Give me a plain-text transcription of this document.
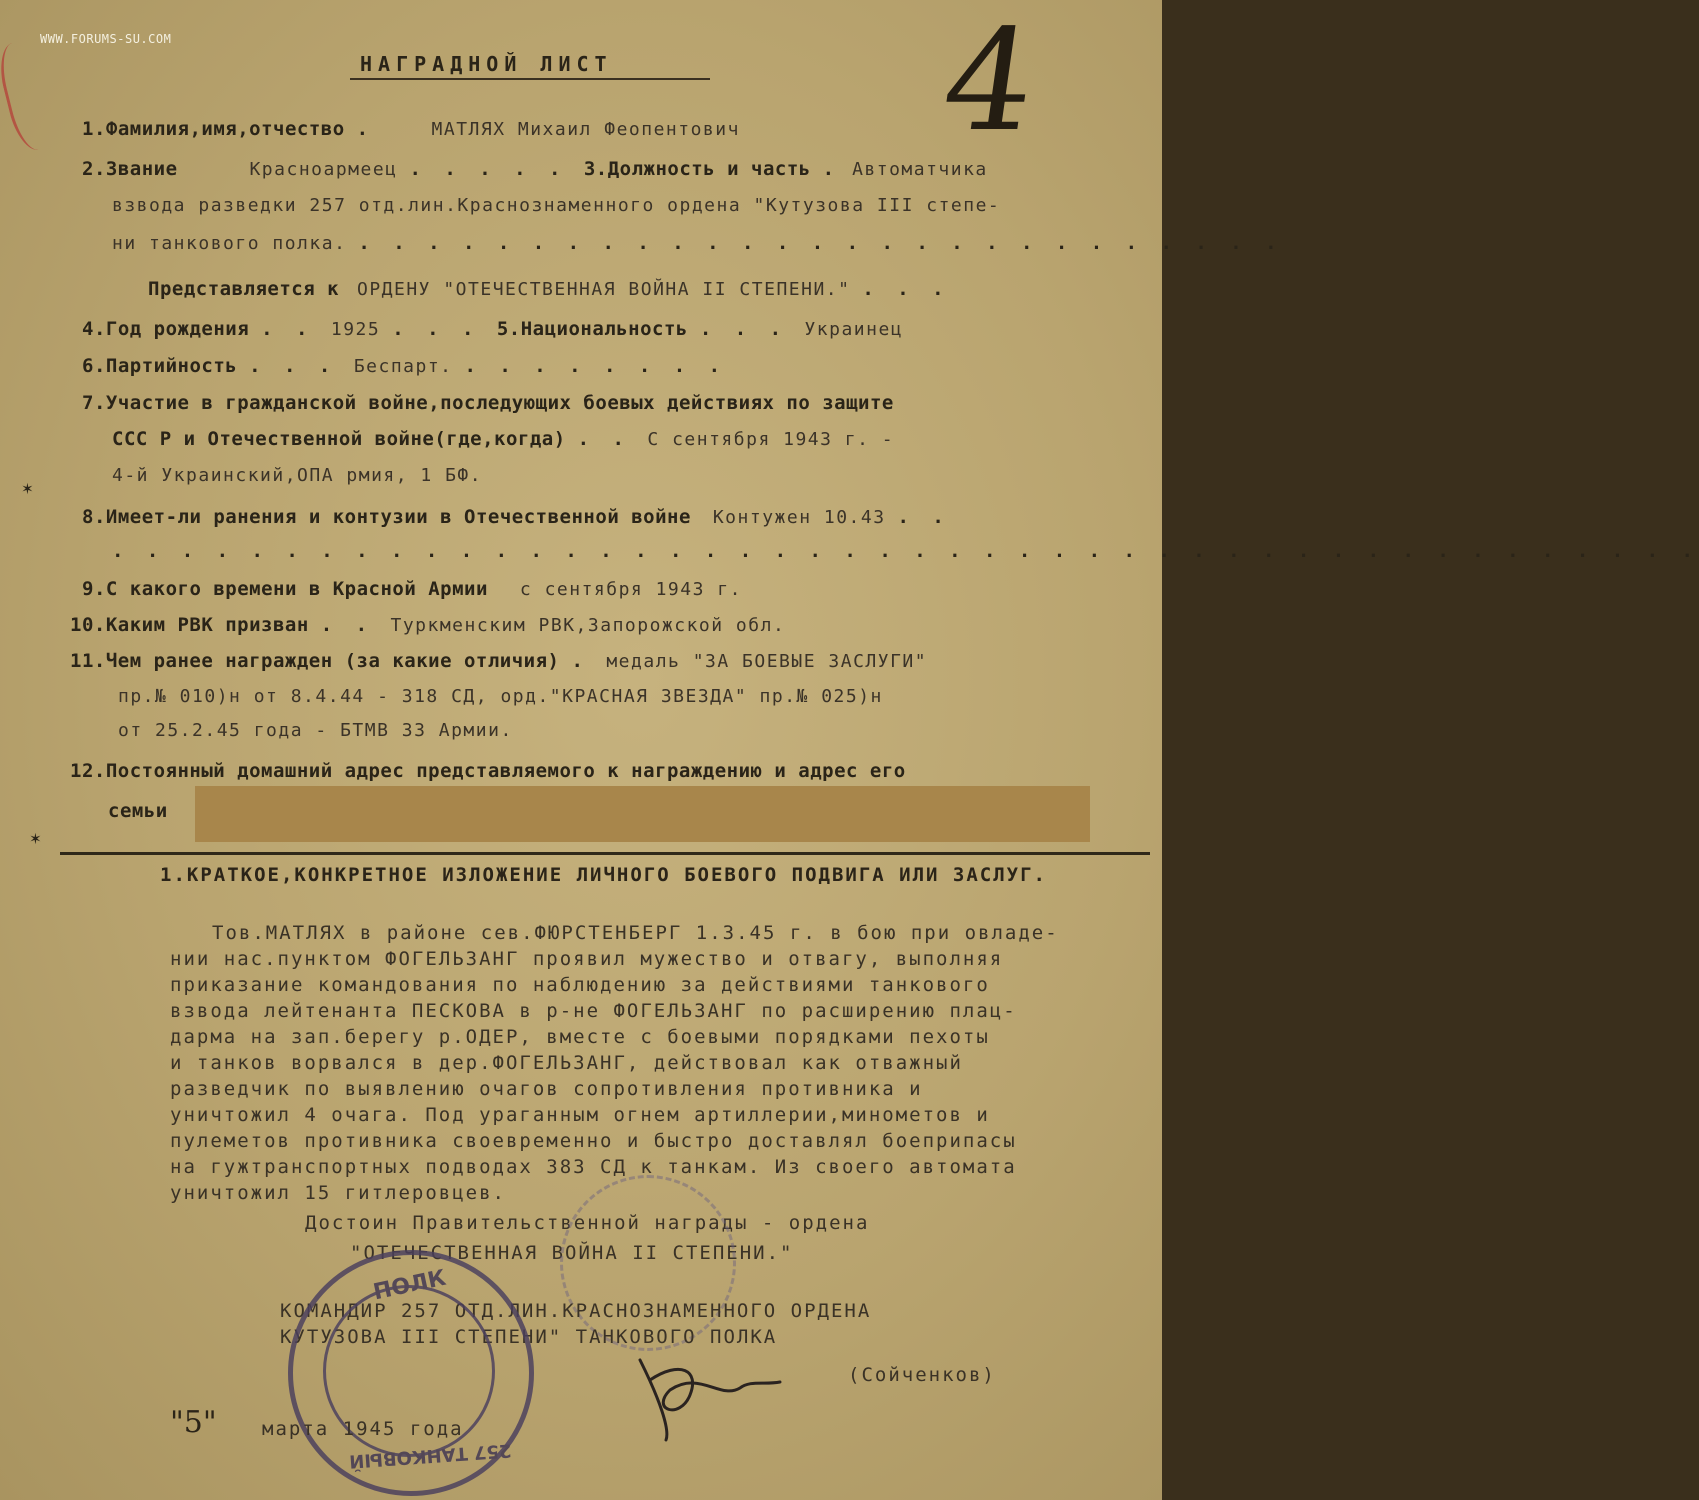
WWW.FORUMS-SU.COM	4
НАГРАДНОЙ ЛИСТ
1.Фамилия,имя,отчество . МАТЛЯХ Михаил Феопентович
2.Звание	Красноармеец . . . . . 3.Должность и часть . Автоматчика
взвода разведки 257 отд.лин.Краснознаменного ордена "Кутузова III степе-
ни танкового полка. . . . . . . . . . . . . . . . . . . . . . . . . . . .
Представляется к ОРДЕНУ "ОТЕЧЕСТВЕННАЯ ВОЙНА II СТЕПЕНИ." . . .
4.Год рождения . . 1925 . . . 5.Национальность . . . Украинец
6.Партийность . . . Беспарт. . . . . . . . .
7.Участие в гражданской войне,последующих боевых действиях по защите
ССС Р и Отечественной войне(где,когда) . . С сентября 1943 г. -
4-й Украинский,ОПА рмия, 1 БФ.
✶
8.Имеет-ли ранения и контузии в Отечественной войне Контужен 10.43 . .
. . . . . . . . . . . . . . . . . . . . . . . . . . . . . . . . . . . . . . . . . . . . . .
9.С какого времени в Красной Армии с сентября 1943 г.
10.Каким РВК призван . . Туркменским РВК,Запорожской обл.
11.Чем ранее награжден (за какие отличия) . медаль "ЗА БОЕВЫЕ ЗАСЛУГИ"
пр.№ 010)н от 8.4.44 - 318 СД, орд."КРАСНАЯ ЗВЕЗДА" пр.№ 025)н
от 25.2.45 года - БТМВ 33 Армии.
12.Постоянный домашний адрес представляемого к награждению и адрес его
семьи
✶
1.КРАТКОЕ,КОНКРЕТНОЕ ИЗЛОЖЕНИЕ ЛИЧНОГО БОЕВОГО ПОДВИГА ИЛИ ЗАСЛУГ.
Тов.МАТЛЯХ в районе сев.ФЮРСТЕНБЕРГ 1.3.45 г. в бою при овладе-
нии нас.пунктом ФОГЕЛЬЗАНГ проявил мужество и отвагу, выполняя
приказание командования по наблюдению за действиями танкового
взвода лейтенанта ПЕСКОВА в р-не ФОГЕЛЬЗАНГ по расширению плац-
дарма на зап.берегу р.ОДЕР, вместе с боевыми порядками пехоты
и танков ворвался в дер.ФОГЕЛЬЗАНГ, действовал как отважный
разведчик по выявлению очагов сопротивления противника и
уничтожил 4 очага. Под ураганным огнем артиллерии,минометов и
пулеметов противника своевременно и быстро доставлял боеприпасы
на гужтранспортных подводах 383 СД к танкам. Из своего автомата
уничтожил 15 гитлеровцев.
Достоин Правительственной награды - ордена
"ОТЕЧЕСТВЕННАЯ ВОЙНА II СТЕПЕНИ."
КОМАНДИР 257 ОТД.ЛИН.КРАСНОЗНАМЕННОГО ОРДЕНА
КУТУЗОВА III СТЕПЕНИ" ТАНКОВОГО ПОЛКА
(Сойченков)
ПОЛК
257 ТАНКОВЫЙ
"5" марта 1945 года
